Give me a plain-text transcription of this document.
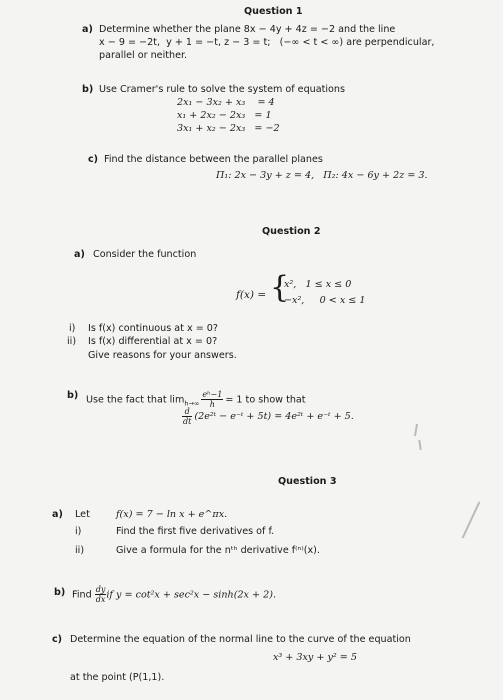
Question 1
a) Determine whether the plane 8x − 4y + 4z = −2 and the line
x − 9 = −2t,  y + 1 = −t, z − 3 = t;   (−∞ < t < ∞) are perpendicular,
parallel or neither.
b) Use Cramer's rule to solve the system of equations
2x₁ − 3x₂ + x₃    = 4
x₁ + 2x₂ − 2x₃   = 1
3x₁ + x₂ − 2x₃   = −2
c) Find the distance between the parallel planes
Π₁: 2x − 3y + z = 4,   Π₂: 4x − 6y + 2z = 3.
Question 2
a) Consider the function
f(x) = {
x²,   1 ≤ x ≤ 0
−x²,     0 < x ≤ 1
i) Is f(x) continuous at x = 0?
ii) Is f(x) differential at x = 0?
Give reasons for your answers.
b) Use the fact that $\lim_{h\to\infty} \frac{\text{eʰ−1}}{h} = 1$ to show that
$\frac{d}{dt}$ (2e²ᵗ − e⁻ᵗ + 5t) = 4e²ᵗ + e⁻ᵗ + 5.
Question 3
a) Let	f(x) = 7 − ln x + e^πx.
i)	Find the first five derivatives of f.
ii)	Give a formula for the nᵗʰ derivative f⁽ⁿ⁾(x).
b) Find $\frac{dy}{dx}$ if y = cot²x + sec²x − sinh(2x + 2).
c) Determine the equation of the normal line to the curve of the equation
x³ + 3xy + y² = 5
at the point (P(1,1).
